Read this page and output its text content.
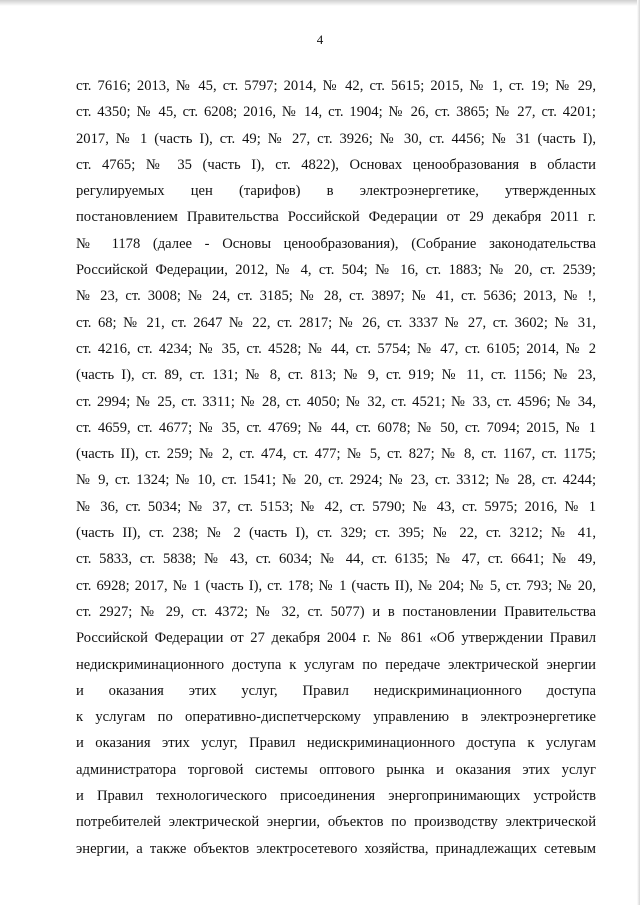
4
ст. 7616; 2013, № 45, ст. 5797; 2014, № 42, ст. 5615; 2015, № 1, ст. 19; № 29,
ст. 4350; № 45, ст. 6208; 2016, № 14, ст. 1904; № 26, ст. 3865; № 27, ст. 4201;
2017, № 1 (часть I), ст. 49; № 27, ст. 3926; № 30, ст. 4456; № 31 (часть I),
ст. 4765; № 35 (часть I), ст. 4822), Основах ценообразования в области
регулируемых цен (тарифов) в электроэнергетике, утвержденных
постановлением Правительства Российской Федерации от 29 декабря 2011 г.
№ 1178 (далее - Основы ценообразования), (Собрание законодательства
Российской Федерации, 2012, № 4, ст. 504; № 16, ст. 1883; № 20, ст. 2539;
№ 23, ст. 3008; № 24, ст. 3185; № 28, ст. 3897; № 41, ст. 5636; 2013, № !,
ст. 68; № 21, ст. 2647 № 22, ст. 2817; № 26, ст. 3337 № 27, ст. 3602; № 31,
ст. 4216, ст. 4234; № 35, ст. 4528; № 44, ст. 5754; № 47, ст. 6105; 2014, № 2
(часть I), ст. 89, ст. 131; № 8, ст. 813; № 9, ст. 919; № 11, ст. 1156; № 23,
ст. 2994; № 25, ст. 3311; № 28, ст. 4050; № 32, ст. 4521; № 33, ст. 4596; № 34,
ст. 4659, ст. 4677; № 35, ст. 4769; № 44, ст. 6078; № 50, ст. 7094; 2015, № 1
(часть II), ст. 259; № 2, ст. 474, ст. 477; № 5, ст. 827; № 8, ст. 1167, ст. 1175;
№ 9, ст. 1324; № 10, ст. 1541; № 20, ст. 2924; № 23, ст. 3312; № 28, ст. 4244;
№ 36, ст. 5034; № 37, ст. 5153; № 42, ст. 5790; № 43, ст. 5975; 2016, № 1
(часть II), ст. 238; № 2 (часть I), ст. 329; ст. 395; № 22, ст. 3212; № 41,
ст. 5833, ст. 5838; № 43, ст. 6034; № 44, ст. 6135; № 47, ст. 6641; № 49,
ст. 6928; 2017, № 1 (часть I), ст. 178; № 1 (часть II), № 204; № 5, ст. 793; № 20,
ст. 2927; № 29, ст. 4372; № 32, ст. 5077) и в постановлении Правительства
Российской Федерации от 27 декабря 2004 г. № 861 «Об утверждении Правил
недискриминационного доступа к услугам по передаче электрической энергии
и оказания этих услуг, Правил недискриминационного доступа
к услугам по оперативно-диспетчерскому управлению в электроэнергетике
и оказания этих услуг, Правил недискриминационного доступа к услугам
администратора торговой системы оптового рынка и оказания этих услуг
и Правил технологического присоединения энергопринимающих устройств
потребителей электрической энергии, объектов по производству электрической
энергии, а также объектов электросетевого хозяйства, принадлежащих сетевым
